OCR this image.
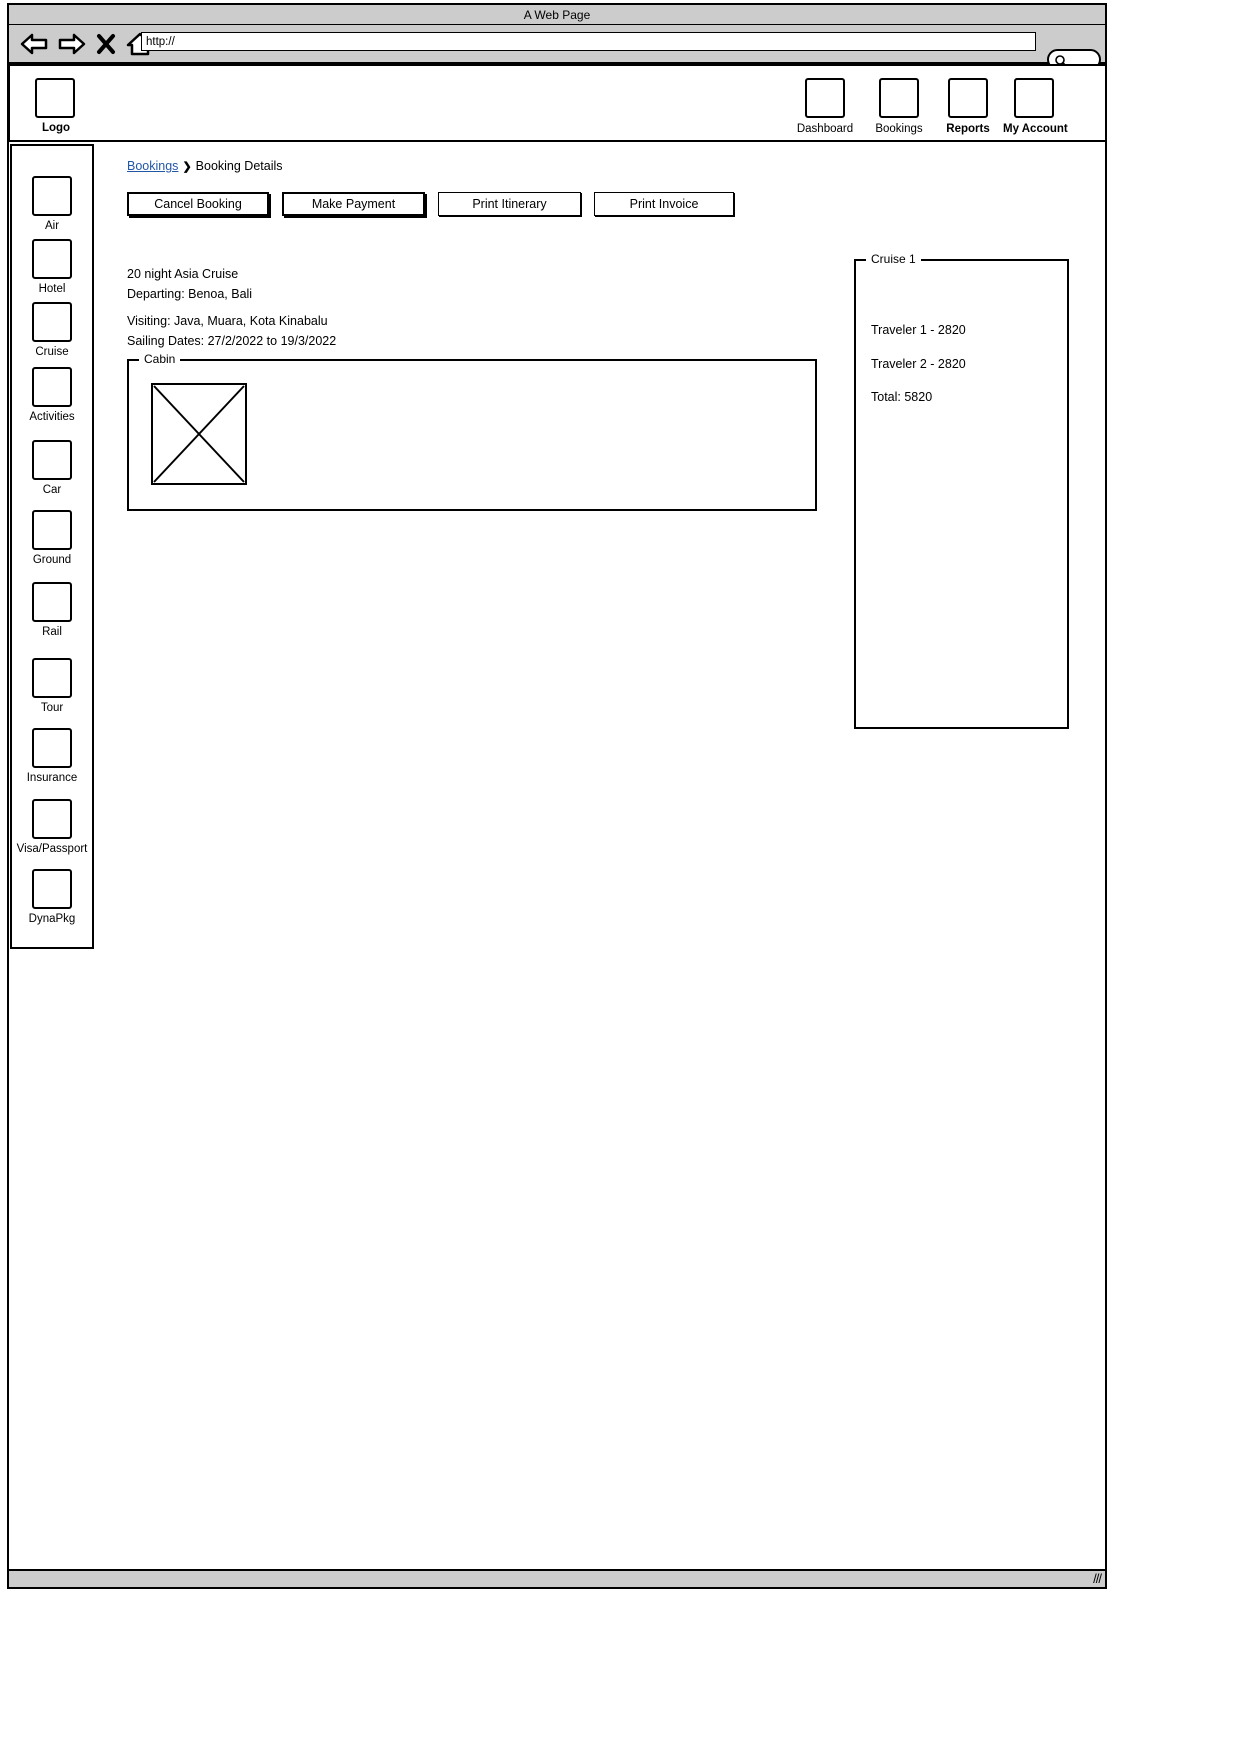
A Web Page
http://
Logo	Dashboard	Bookings	Reports	My Account
Air
Hotel
Cruise
Activities
Car
Ground
Rail
Tour
Insurance
Visa/Passport
DynaPkg
Bookings ❯ Booking Details
Cancel Booking	Make Payment	Print Itinerary	Print Invoice
20 night Asia Cruise
Departing: Benoa, Bali
Visiting: Java, Muara, Kota Kinabalu
Sailing Dates: 27/2/2022 to 19/3/2022
Cabin
Cruise 1
Traveler 1 - 2820
Traveler 2 - 2820
Total: 5820
///
